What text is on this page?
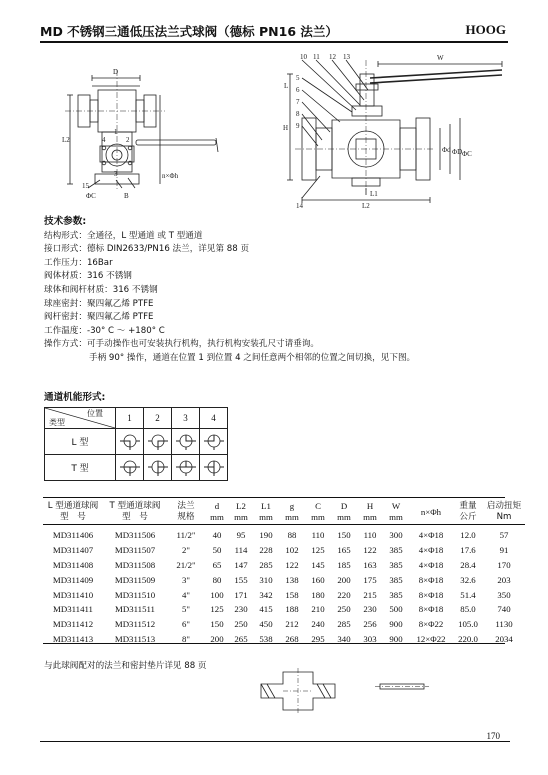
MD 不锈钢三通低压法兰式球阀（德标 PN16 法兰）	HOOG
D
L2
ΦC	B
15
n×Φh
1
2
3
4
10 11 12 13
5
6
7
8
9
14
W
H
L1
L2
Φd ΦD ΦC
L
技术参数:
结构形式：全通径，L 型通道 或 T 型通道
接口形式：德标 DIN2633/PN16 法兰，详见第 88 页
工作压力：16Bar
阀体材质：316 不锈钢
球体和阀杆材质：316 不锈钢
球座密封：聚四氟乙烯 PTFE
阀杆密封：聚四氟乙烯 PTFE
工作温度：-30° C ～ +180° C
操作方式：可手动操作也可安装执行机构，执行机构安装孔尺寸请垂询。
手柄 90° 操作，通道在位置 1 到位置 4 之间任意两个相邻的位置之间切换，见下图。
通道机能形式:
位置
类型	1	2	3	4
L 型				
T 型				
L 型通道球阀
型　号	T 型通道球阀
型　号	法兰
规格	d
mm	L2
mm	L1
mm	g
mm	C
mm	D
mm	H
mm	W
mm	n×Φh	重量
公斤	启动扭矩
Nm
MD311406	MD311506	11/2"	40	95	190	88	110	150	110	300	4×Φ18	12.0	57
MD311407	MD311507	2"	50	114	228	102	125	165	122	385	4×Φ18	17.6	91
MD311408	MD311508	21/2"	65	147	285	122	145	185	163	385	4×Φ18	28.4	170
MD311409	MD311509	3"	80	155	310	138	160	200	175	385	8×Φ18	32.6	203
MD311410	MD311510	4"	100	171	342	158	180	220	215	385	8×Φ18	51.4	350
MD311411	MD311511	5"	125	230	415	188	210	250	230	500	8×Φ18	85.0	740
MD311412	MD311512	6"	150	250	450	212	240	285	256	900	8×Φ22	105.0	1130
MD311413	MD311513	8"	200	265	538	268	295	340	303	900	12×Φ22	220.0	2034
与此球阀配对的法兰和密封垫片详见 88 页
170
